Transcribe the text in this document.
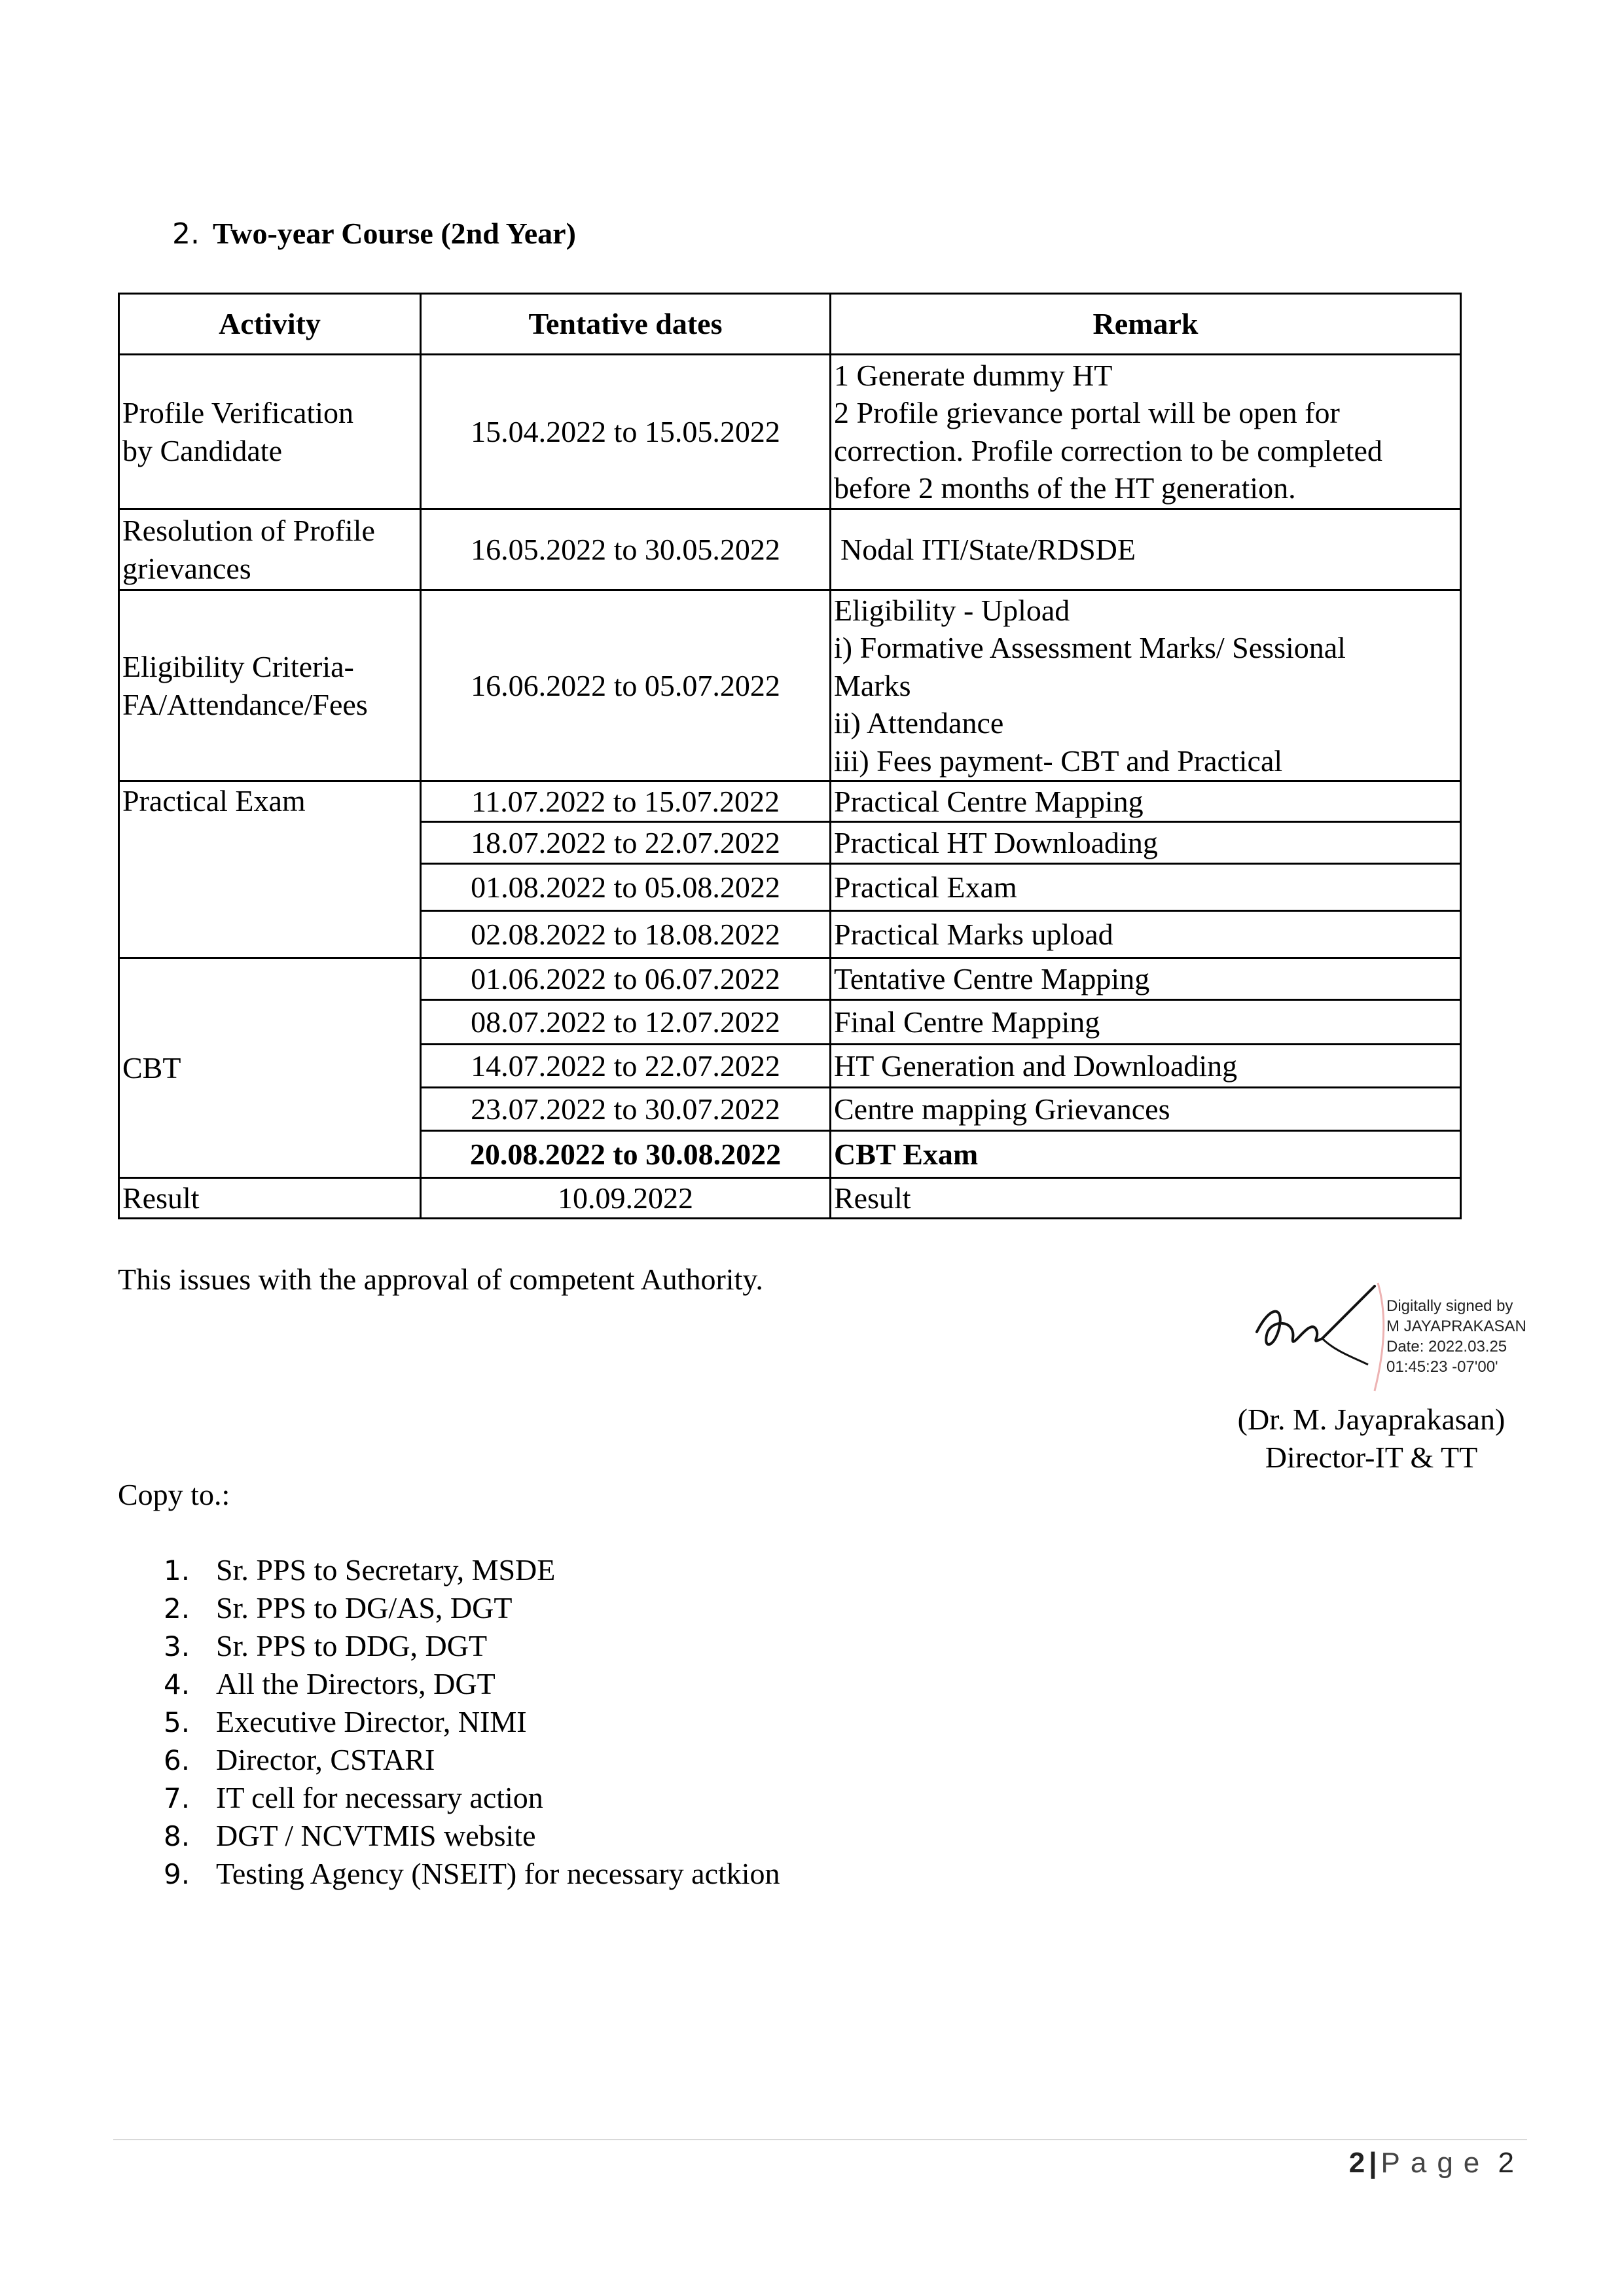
2. Two-year Course (2nd Year)
Activity	Tentative dates	Remark

Profile Verification
by Candidate	15.04.2022 to 15.05.2022	1 Generate dummy HT
2 Profile grievance portal will be open for
correction. Profile correction to be completed
before 2 months of the HT generation.

Resolution of Profile
grievances	16.05.2022 to 30.05.2022	Nodal ITI/State/RDSDE

Eligibility Criteria-
FA/Attendance/Fees	16.06.2022 to 05.07.2022	Eligibility - Upload
i) Formative Assessment Marks/ Sessional
Marks
ii) Attendance
iii) Fees payment- CBT and Practical

Practical Exam	11.07.2022 to 15.07.2022	Practical Centre Mapping
	18.07.2022 to 22.07.2022	Practical HT Downloading
	01.08.2022 to 05.08.2022	Practical Exam
	02.08.2022 to 18.08.2022	Practical Marks upload
CBT	01.06.2022 to 06.07.2022	Tentative Centre Mapping
	08.07.2022 to 12.07.2022	Final Centre Mapping
	14.07.2022 to 22.07.2022	HT Generation and Downloading
	23.07.2022 to 30.07.2022	Centre mapping Grievances
	20.08.2022 to 30.08.2022	CBT Exam
Result	10.09.2022	Result
This issues with the approval of competent Authority.
Digitally signed by
M JAYAPRAKASAN
Date: 2022.03.25
01:45:23 -07'00'
(Dr. M. Jayaprakasan)
Director-IT & TT
Copy to.:
1. Sr. PPS to Secretary, MSDE
2. Sr. PPS to DG/AS, DGT
3. Sr. PPS to DDG, DGT
4. All the Directors, DGT
5. Executive Director, NIMI
6. Director, CSTARI
7. IT cell for necessary action
8. DGT / NCVTMIS website
9. Testing Agency (NSEIT) for necessary actkion
2 | Page 2
